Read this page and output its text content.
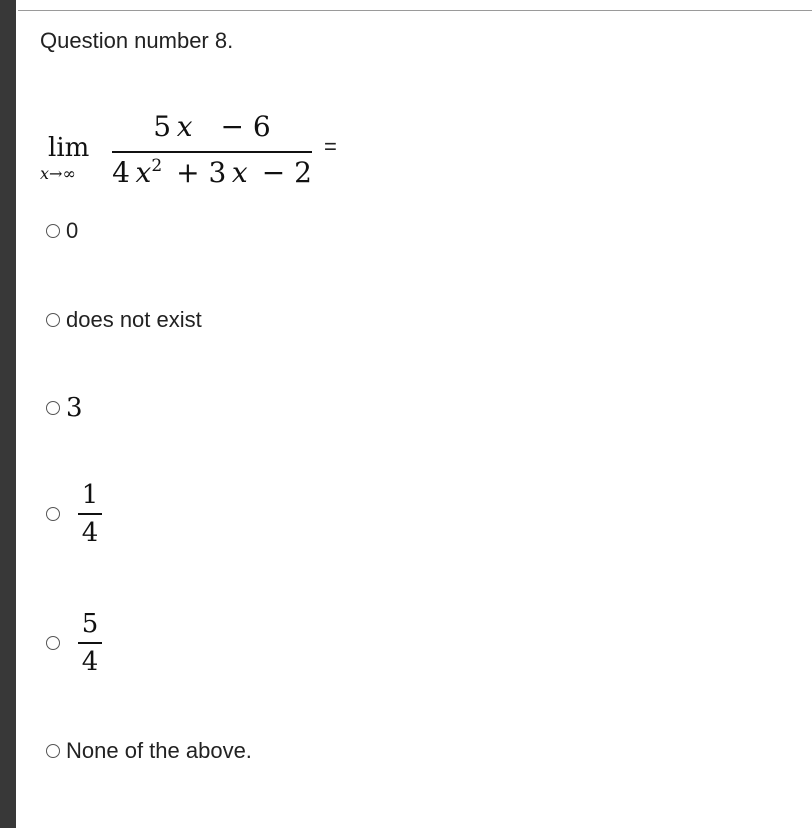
Question number 8.
lim
x→∞
5  x  − 6
4  $x^2$  + 3  x  − 2
=
0
does not exist
3
$\frac{1}{4}$
$\frac{5}{4}$
None of the above.
